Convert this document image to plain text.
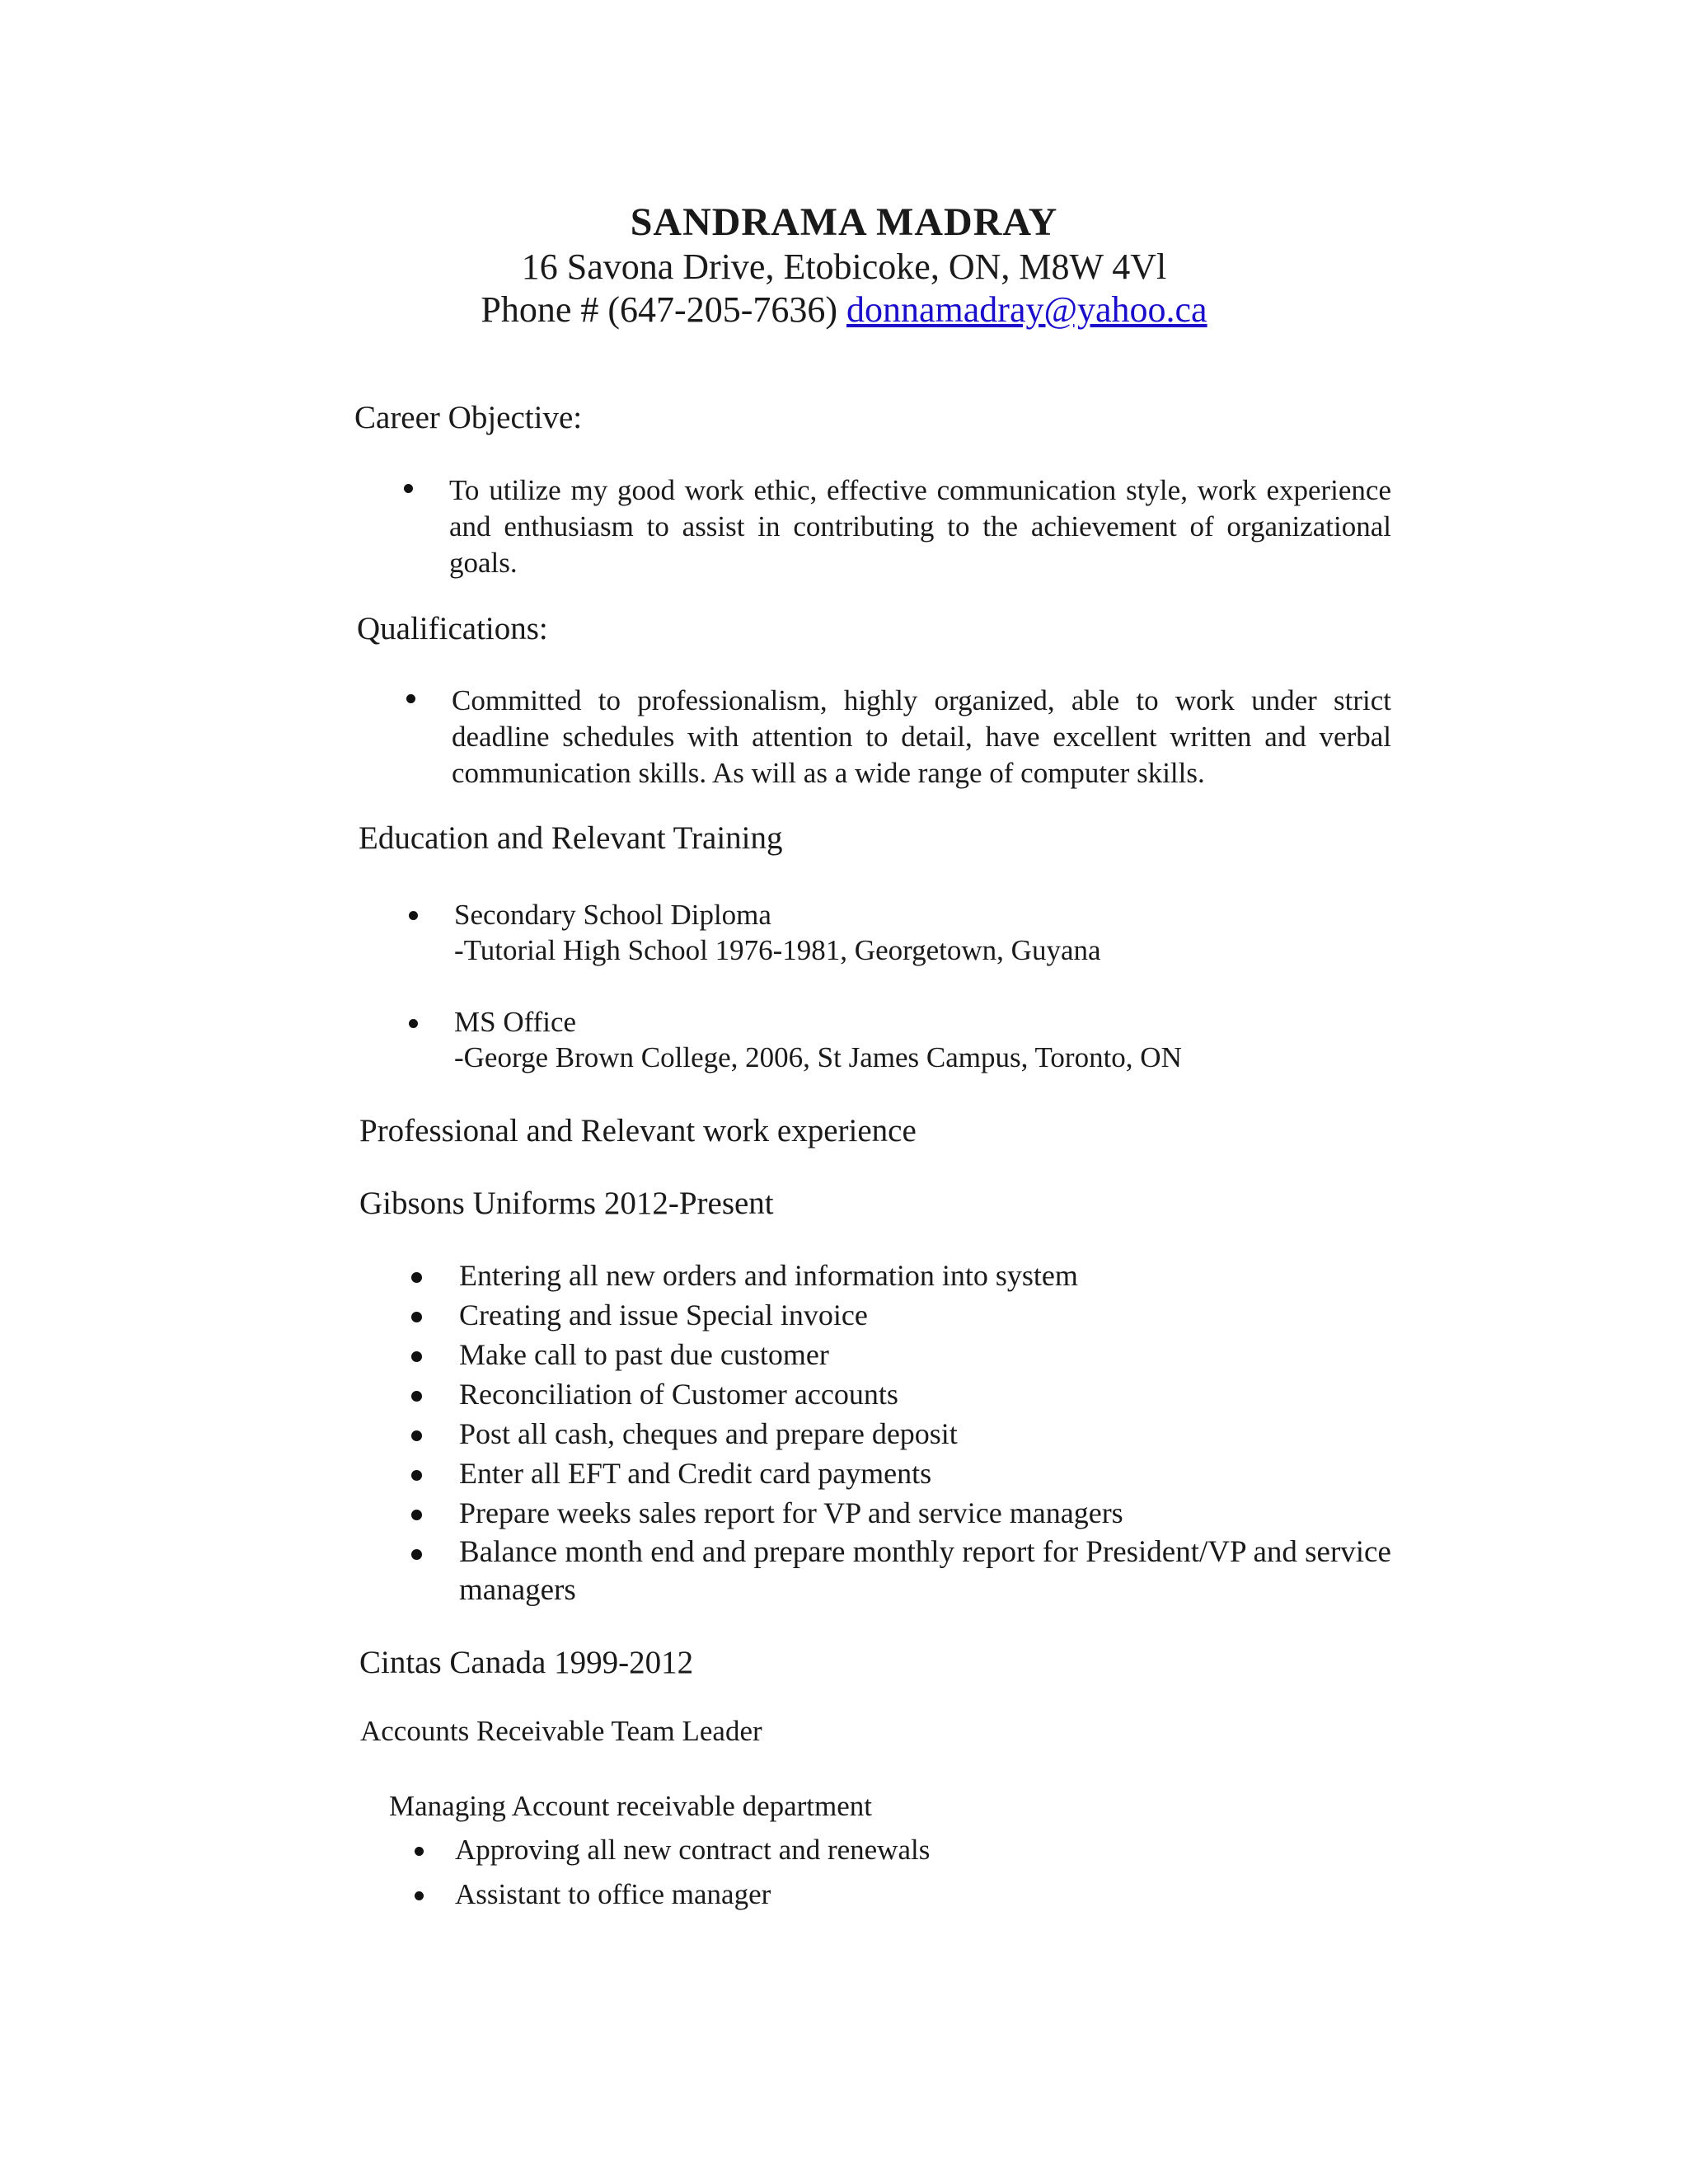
SANDRAMA MADRAY
16 Savona Drive, Etobicoke, ON, M8W 4Vl
Phone # (647-205-7636) donnamadray@yahoo.ca
Career Objective:
To utilize my good work ethic, effective communication style, work experience and enthusiasm to assist in contributing to the achievement of organizational goals.
Qualifications:
Committed to professionalism, highly organized, able to work under strict deadline schedules with attention to detail, have excellent written and verbal communication skills. As will as a wide range of computer skills.
Education and Relevant Training
Secondary School Diploma
-Tutorial High School 1976-1981, Georgetown, Guyana
MS Office
-George Brown College, 2006, St James Campus, Toronto, ON
Professional and Relevant work experience
Gibsons Uniforms 2012-Present
Entering all new orders and information into system
Creating and issue Special invoice
Make call to past due customer
Reconciliation of Customer accounts
Post all cash, cheques and prepare deposit
Enter all EFT and Credit card payments
Prepare weeks sales report for VP and service managers
Balance month end and prepare monthly report for President/VP and service managers
Cintas Canada 1999-2012
Accounts Receivable Team Leader
Managing Account receivable department
Approving all new contract and renewals
Assistant to office manager
